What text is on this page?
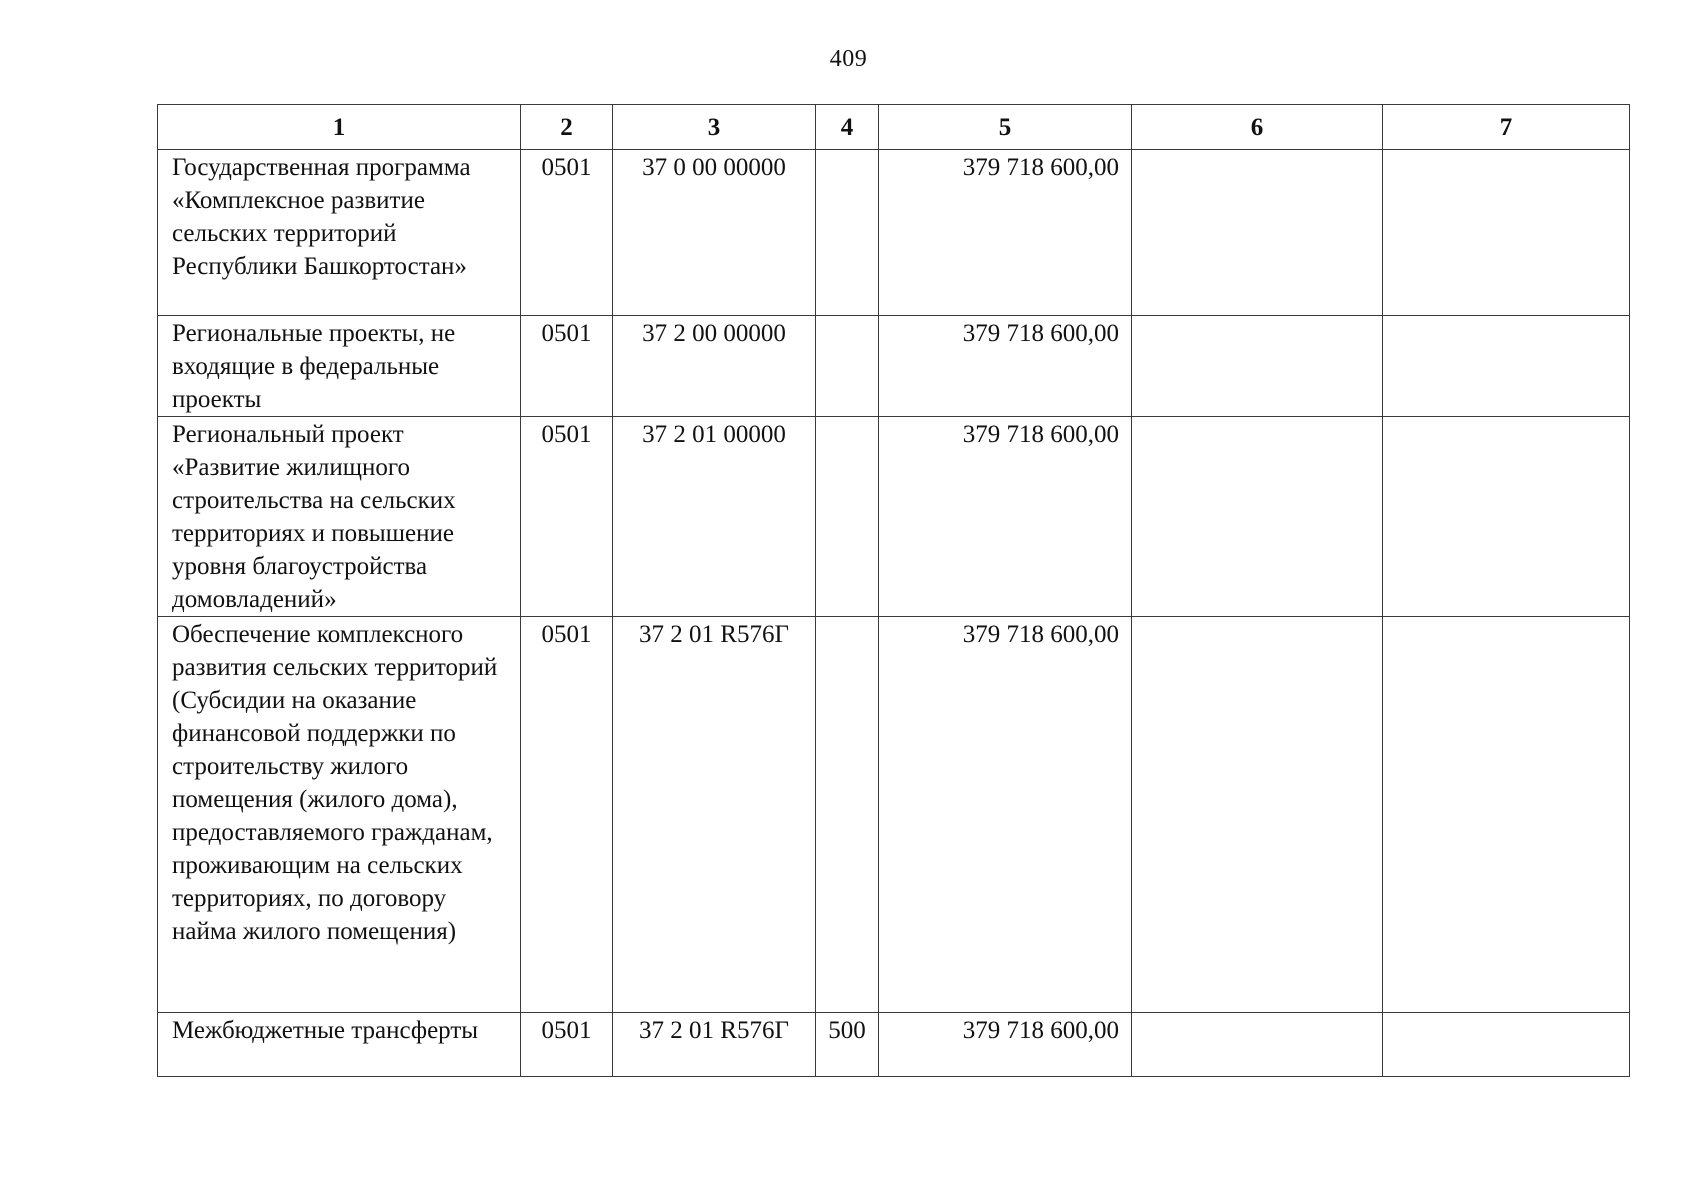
409
1	2	3	4	5	6	7
Государственная программа «Комплексное развитие сельских территорий Республики Башкортостан»	0501	37 0 00 00000		379 718 600,00		
Региональные проекты, не входящие в федеральные проекты	0501	37 2 00 00000		379 718 600,00		
Региональный проект «Развитие жилищного строительства на сельских территориях и повышение уровня благоустройства домовладений»	0501	37 2 01 00000		379 718 600,00		
Обеспечение комплексного развития сельских территорий (Субсидии на оказание финансовой поддержки по строительству жилого помещения (жилого дома), предоставляемого гражданам, проживающим на сельских территориях, по договору найма жилого помещения)	0501	37 2 01 R576Г		379 718 600,00		
Межбюджетные трансферты	0501	37 2 01 R576Г	500	379 718 600,00		
